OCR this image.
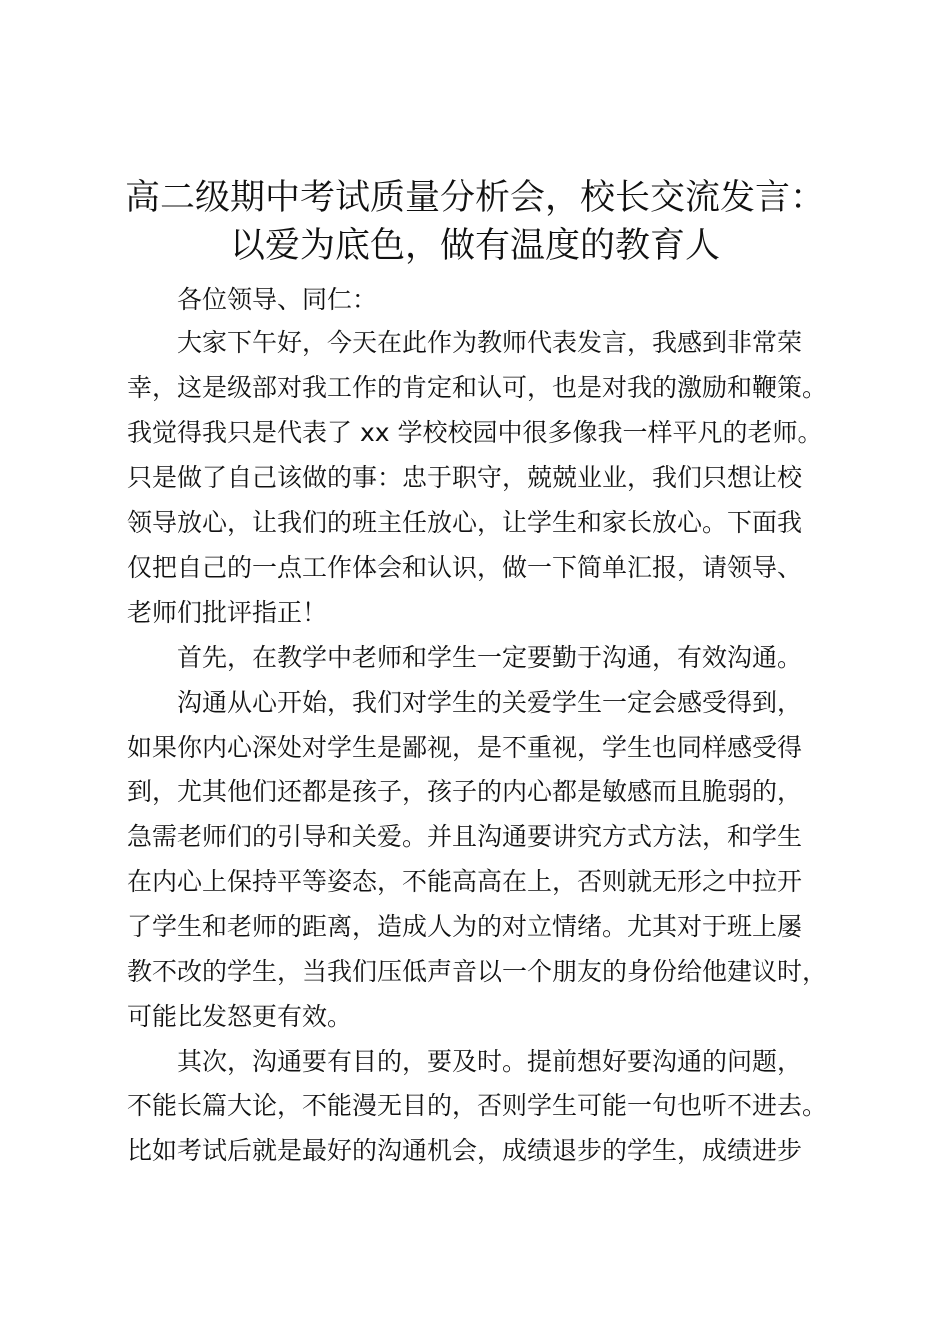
高二级期中考试质量分析会，校长交流发言：
以爱为底色，做有温度的教育人

各位领导、同仁：

大家下午好，今天在此作为教师代表发言，我感到非常荣

幸，这是级部对我工作的肯定和认可，也是对我的激励和鞭策。

我觉得我只是代表了 xx 学校校园中很多像我一样平凡的老师。

只是做了自己该做的事：忠于职守，兢兢业业，我们只想让校

领导放心，让我们的班主任放心，让学生和家长放心。下面我

仅把自己的一点工作体会和认识，做一下简单汇报，请领导、

老师们批评指正！

首先，在教学中老师和学生一定要勤于沟通，有效沟通。

沟通从心开始，我们对学生的关爱学生一定会感受得到，

如果你内心深处对学生是鄙视，是不重视，学生也同样感受得

到，尤其他们还都是孩子，孩子的内心都是敏感而且脆弱的，

急需老师们的引导和关爱。并且沟通要讲究方式方法，和学生

在内心上保持平等姿态，不能高高在上，否则就无形之中拉开

了学生和老师的距离，造成人为的对立情绪。尤其对于班上屡

教不改的学生，当我们压低声音以一个朋友的身份给他建议时，

可能比发怒更有效。

其次，沟通要有目的，要及时。提前想好要沟通的问题，

不能长篇大论，不能漫无目的，否则学生可能一句也听不进去。

比如考试后就是最好的沟通机会，成绩退步的学生，成绩进步
